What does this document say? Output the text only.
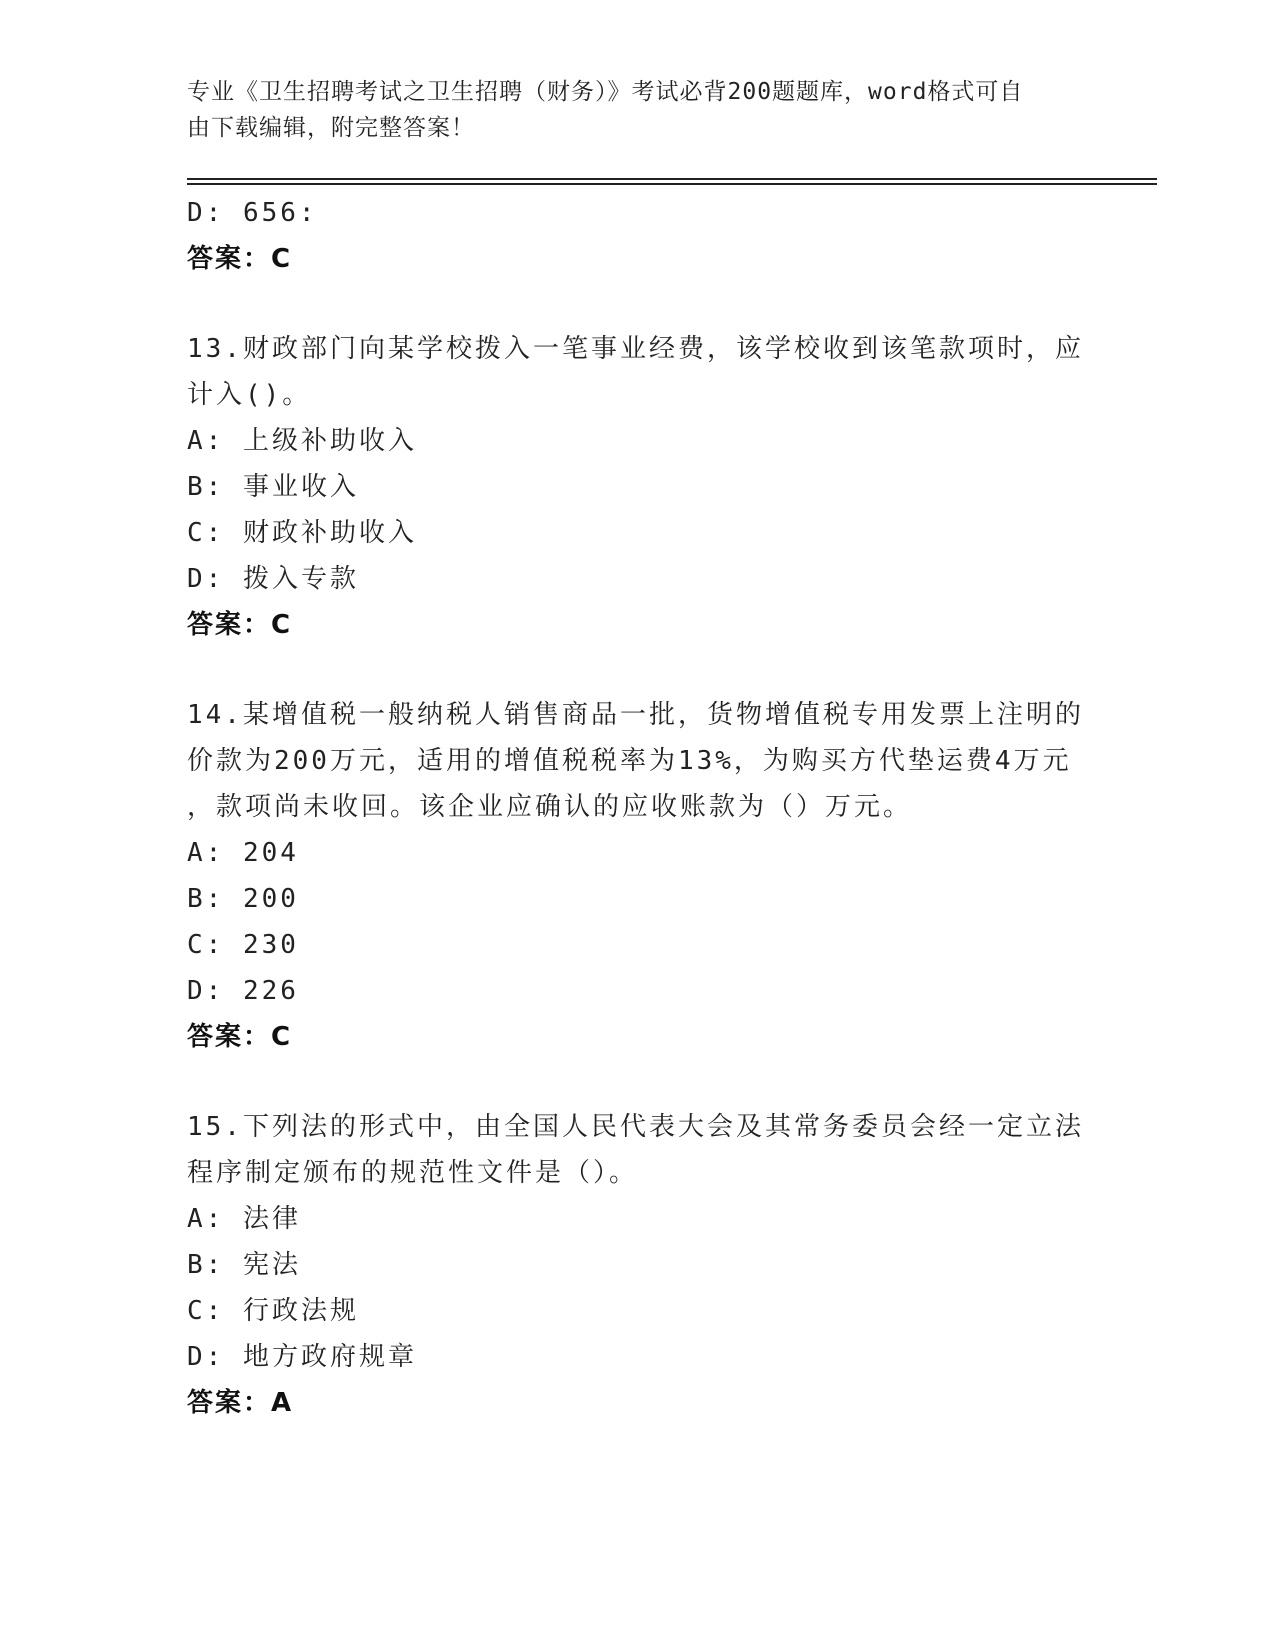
专业《卫生招聘考试之卫生招聘（财务）》考试必背200题题库，word格式可自
由下载编辑，附完整答案！
D: 656:
答案：C
13.财政部门向某学校拨入一笔事业经费，该学校收到该笔款项时，应
计入()。
A: 上级补助收入
B: 事业收入
C: 财政补助收入
D: 拨入专款
答案：C
14.某增值税一般纳税人销售商品一批，货物增值税专用发票上注明的
价款为200万元，适用的增值税税率为13%，为购买方代垫运费4万元
，款项尚未收回。该企业应确认的应收账款为（）万元。
A: 204
B: 200
C: 230
D: 226
答案：C
15.下列法的形式中，由全国人民代表大会及其常务委员会经一定立法
程序制定颁布的规范性文件是（）。
A: 法律
B: 宪法
C: 行政法规
D: 地方政府规章
答案：A
